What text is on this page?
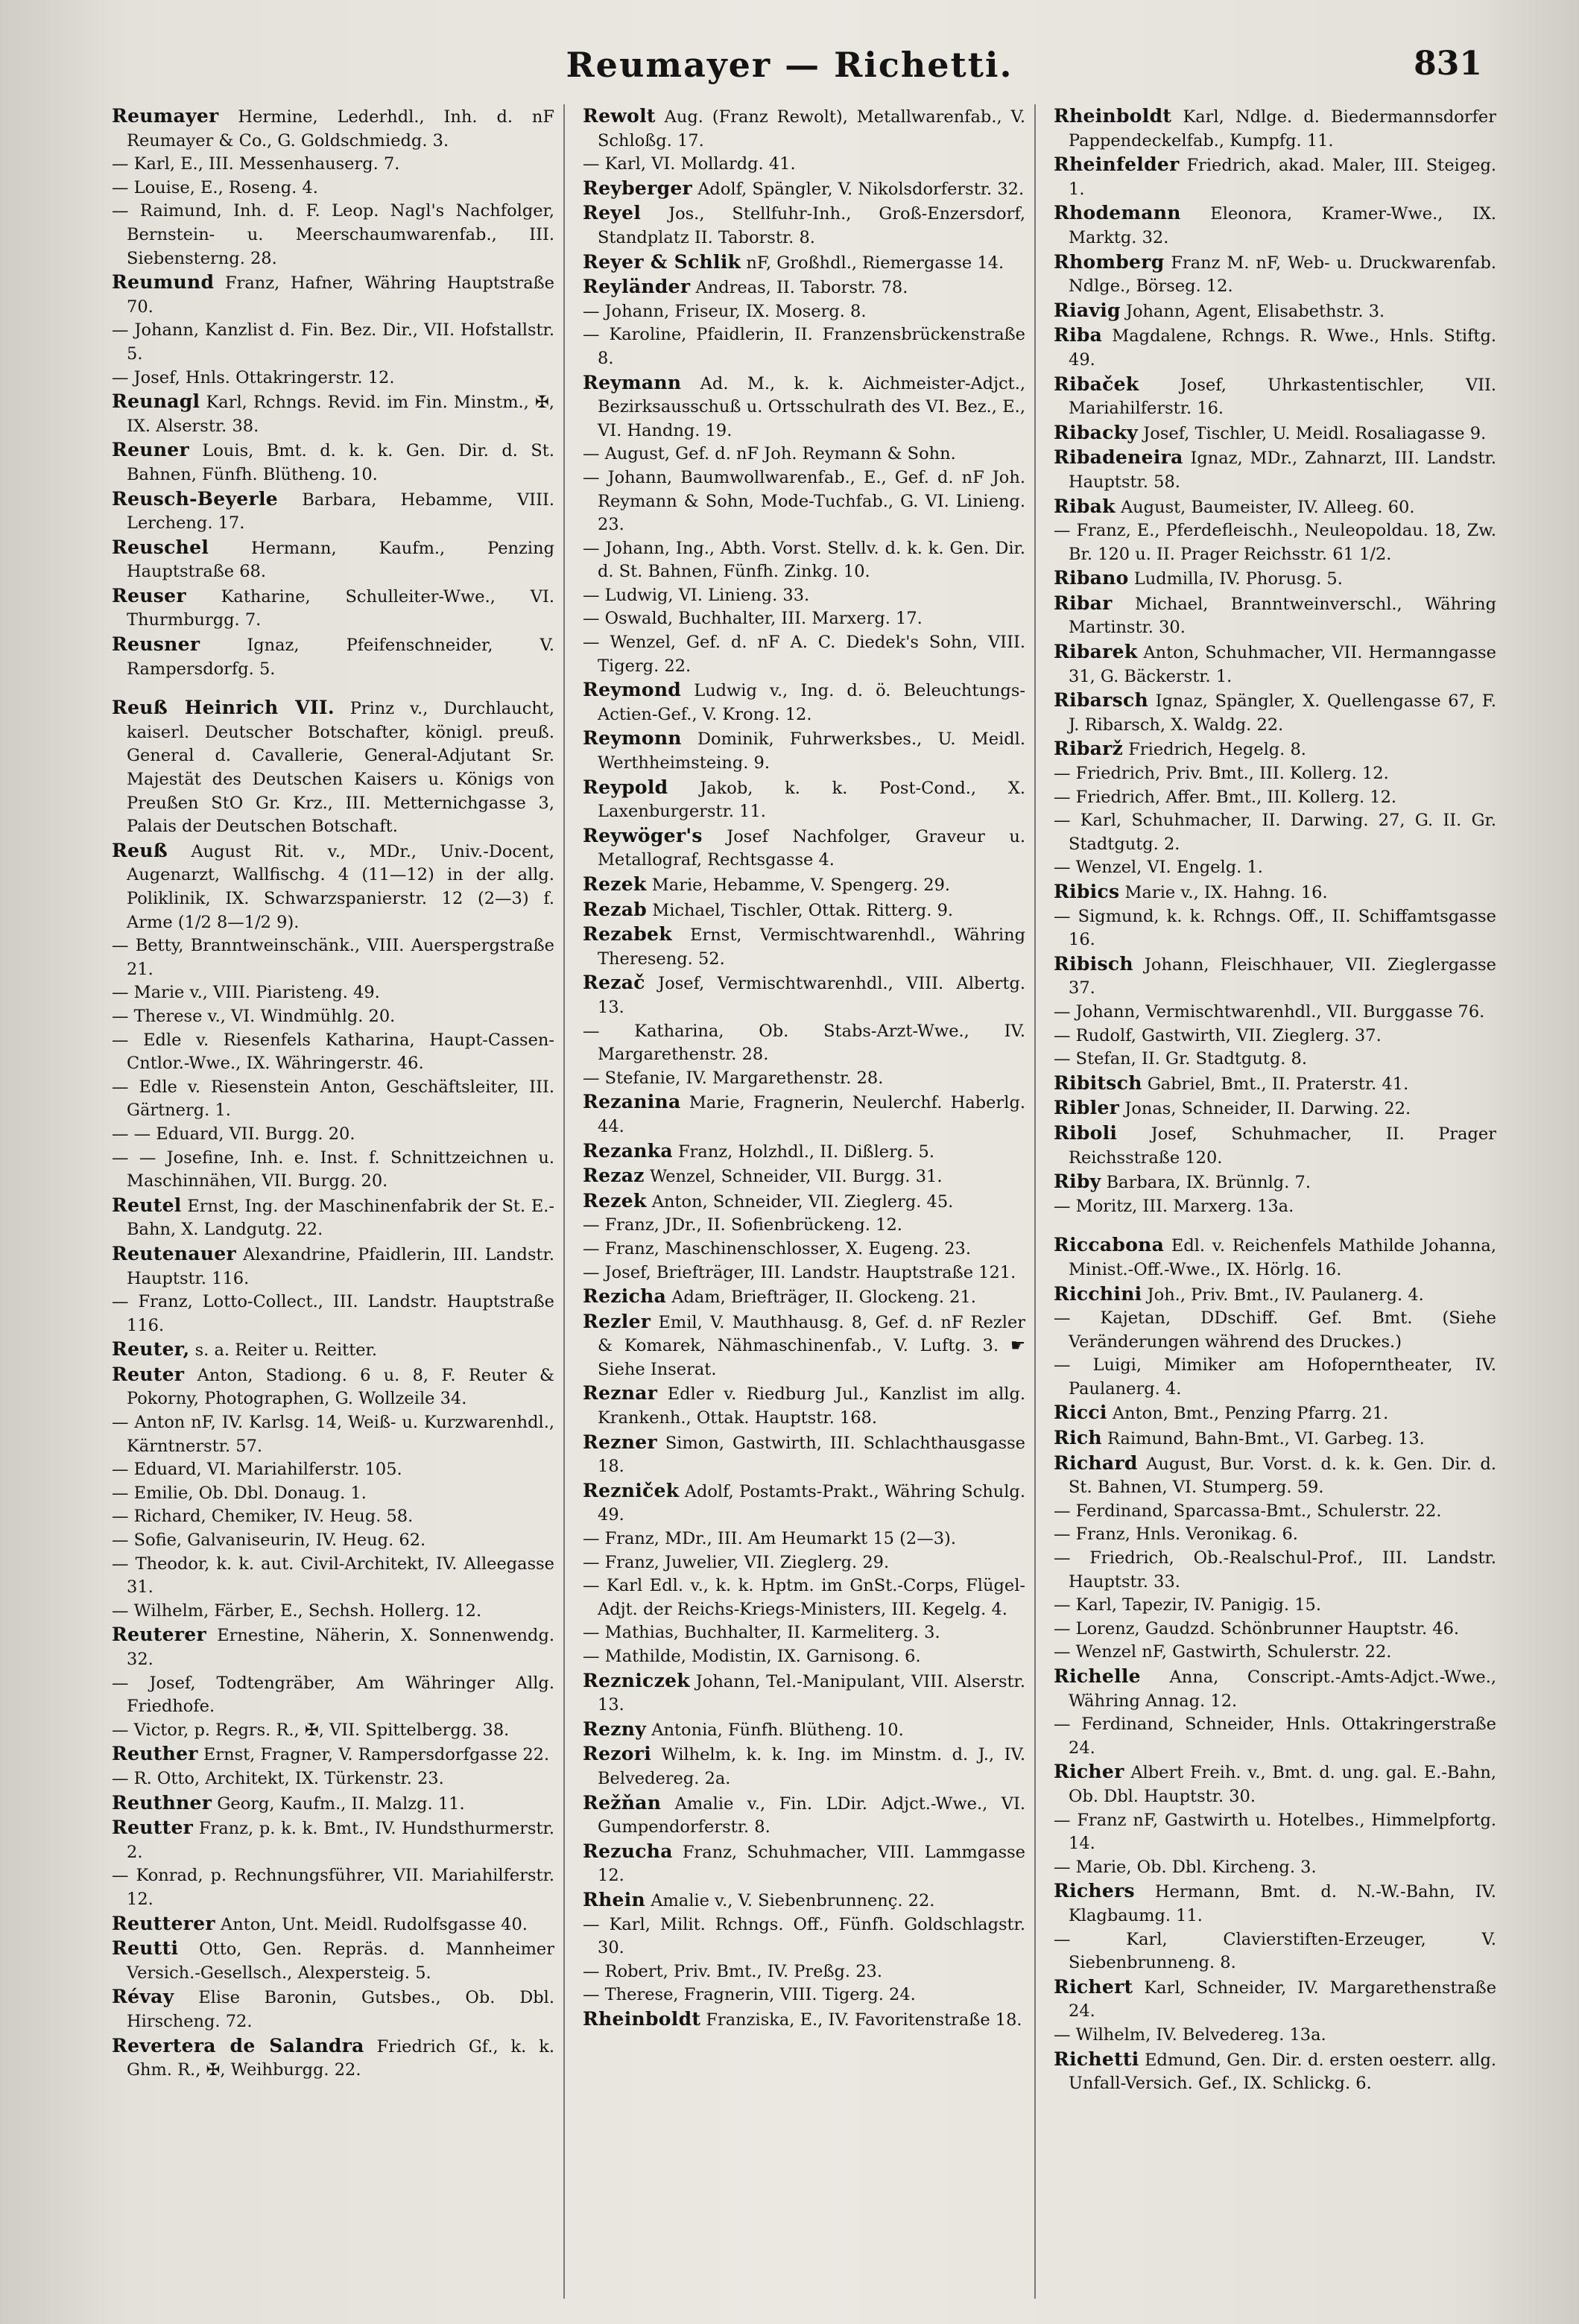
Reumayer — Richetti.	831

Reumayer Hermine, Lederhdl., Inh. d. nF Reumayer & Co., G. Goldschmiedg. 3.

— Karl, E., III. Messenhauserg. 7.

— Louise, E., Roseng. 4.

— Raimund, Inh. d. F. Leop. Nagl's Nachfolger, Bernstein- u. Meerschaumwarenfab., III. Siebensterng. 28.

Reumund Franz, Hafner, Währing Hauptstraße 70.

— Johann, Kanzlist d. Fin. Bez. Dir., VII. Hofstallstr. 5.

— Josef, Hnls. Ottakringerstr. 12.

Reunagl Karl, Rchngs. Revid. im Fin. Minstm., ✠, IX. Alserstr. 38.

Reuner Louis, Bmt. d. k. k. Gen. Dir. d. St. Bahnen, Fünfh. Blütheng. 10.

Reusch-Beyerle Barbara, Hebamme, VIII. Lercheng. 17.

Reuschel	Hermann, Kaufm., Penzing Hauptstraße 68.

Reuser Katharine, Schulleiter-Wwe., VI. Thurmburgg. 7.

Reusner	Ignaz, Pfeifenschneider, V. Rampersdorfg. 5.

Reuß Heinrich VII. Prinz v., Durchlaucht, kaiserl. Deutscher Botschafter, königl. preuß. General d. Cavallerie, General-Adjutant Sr. Majestät des Deutschen Kaisers u. Königs von Preußen StO Gr. Krz., III. Metternichgasse 3, Palais der Deutschen Botschaft.

Reuß August Rit. v., MDr., Univ.-Docent, Augenarzt, Wallfischg. 4 (11—12) in der allg. Poliklinik, IX. Schwarzspanierstr. 12 (2—3) f. Arme (1/2 8—1/2 9).

— Betty, Branntweinschänk., VIII. Auerspergstraße 21.

— Marie v., VIII. Piaristeng. 49.

— Therese v., VI. Windmühlg. 20.

— Edle v. Riesenfels Katharina, Haupt-Cassen-Cntlor.-Wwe., IX. Währingerstr. 46.

— Edle v. Riesenstein Anton, Geschäftsleiter, III. Gärtnerg. 1.

— — Eduard, VII. Burgg. 20.

— — Josefine, Inh. e. Inst. f. Schnittzeichnen u. Maschinnähen, VII. Burgg. 20.

Reutel Ernst, Ing. der Maschinenfabrik der St. E.-Bahn, X. Landgutg. 22.

Reutenauer Alexandrine, Pfaidlerin, III. Landstr. Hauptstr. 116.

— Franz, Lotto-Collect., III. Landstr. Hauptstraße 116.

Reuter, s. a. Reiter u. Reitter.

Reuter Anton, Stadiong. 6 u. 8, F. Reuter & Pokorny, Photographen, G. Wollzeile 34.

— Anton nF, IV. Karlsg. 14, Weiß- u. Kurzwarenhdl., Kärntnerstr. 57.

— Eduard, VI. Mariahilferstr. 105.

— Emilie, Ob. Dbl. Donaug. 1.

— Richard, Chemiker, IV. Heug. 58.

— Sofie, Galvaniseurin, IV. Heug. 62.

— Theodor, k. k. aut. Civil-Architekt, IV. Alleegasse 31.

— Wilhelm, Färber, E., Sechsh. Hollerg. 12.

Reuterer Ernestine, Näherin, X. Sonnenwendg. 32.

— Josef, Todtengräber, Am Währinger Allg. Friedhofe.

— Victor, p. Regrs. R., ✠, VII. Spittelbergg. 38.

Reuther Ernst, Fragner, V. Rampersdorfgasse 22.

— R. Otto, Architekt, IX. Türkenstr. 23.

Reuthner Georg, Kaufm., II. Malzg. 11.

Reutter Franz, p. k. k. Bmt., IV. Hundsthurmerstr. 2.

— Konrad, p. Rechnungsführer, VII. Mariahilferstr. 12.

Reutterer Anton, Unt. Meidl. Rudolfsgasse 40.

Reutti Otto, Gen. Repräs. d. Mannheimer Versich.-Gesellsch., Alexpersteig. 5.

Révay Elise Baronin, Gutsbes., Ob. Dbl. Hirscheng. 72.

Revertera de Salandra Friedrich Gf., k. k. Ghm. R., ✠, Weihburgg. 22.

Rewolt Aug. (Franz Rewolt), Metallwarenfab., V. Schloßg. 17.

— Karl, VI. Mollardg. 41.

Reyberger Adolf, Spängler, V. Nikolsdorferstr. 32.

Reyel Jos., Stellfuhr-Inh., Groß-Enzersdorf, Standplatz II. Taborstr. 8.

Reyer & Schlik nF, Großhdl., Riemergasse 14.

Reyländer Andreas, II. Taborstr. 78.

— Johann, Friseur, IX. Moserg. 8.

— Karoline, Pfaidlerin, II. Franzensbrückenstraße 8.

Reymann Ad. M., k. k. Aichmeister-Adjct., Bezirksausschuß u. Ortsschulrath des VI. Bez., E., VI. Handng. 19.

— August, Gef. d. nF Joh. Reymann & Sohn.

— Johann, Baumwollwarenfab., E., Gef. d. nF Joh. Reymann & Sohn, Mode-Tuchfab., G. VI. Linieng. 23.

— Johann, Ing., Abth. Vorst. Stellv. d. k. k. Gen. Dir. d. St. Bahnen, Fünfh. Zinkg. 10.

— Ludwig, VI. Linieng. 33.

— Oswald, Buchhalter, III. Marxerg. 17.

— Wenzel, Gef. d. nF A. C. Diedek's Sohn, VIII. Tigerg. 22.

Reymond Ludwig v., Ing. d. ö. Beleuchtungs-Actien-Gef., V. Krong. 12.

Reymonn Dominik, Fuhrwerksbes., U. Meidl. Werthheimsteing. 9.

Reypold Jakob, k. k. Post-Cond., X. Laxenburgerstr. 11.

Reywöger's Josef Nachfolger, Graveur u. Metallograf, Rechtsgasse 4.

Rezek Marie, Hebamme, V. Spengerg. 29.

Rezab Michael, Tischler, Ottak. Ritterg. 9.

Rezabek Ernst, Vermischtwarenhdl., Währing Thereseng. 52.

Rezač Josef, Vermischtwarenhdl., VIII. Albertg. 13.

— Katharina, Ob. Stabs-Arzt-Wwe., IV. Margarethenstr. 28.

— Stefanie, IV. Margarethenstr. 28.

Rezanina Marie, Fragnerin, Neulerchf. Haberlg. 44.

Rezanka Franz, Holzhdl., II. Dißlerg. 5.

Rezaz Wenzel, Schneider, VII. Burgg. 31.

Rezek Anton, Schneider, VII. Zieglerg. 45.

— Franz, JDr., II. Sofienbrückeng. 12.

— Franz, Maschinenschlosser, X. Eugeng. 23.

— Josef, Briefträger, III. Landstr. Hauptstraße 121.

Rezicha Adam, Briefträger, II. Glockeng. 21.

Rezler Emil, V. Mauthhausg. 8, Gef. d. nF Rezler & Komarek, Nähmaschinenfab., V. Luftg. 3. ☛ Siehe Inserat.

Reznar Edler v. Riedburg Jul., Kanzlist im allg. Krankenh., Ottak. Hauptstr. 168.

Rezner Simon, Gastwirth, III. Schlachthausgasse 18.

Rezniček Adolf, Postamts-Prakt., Währing Schulg. 49.

— Franz, MDr., III. Am Heumarkt 15 (2—3).

— Franz, Juwelier, VII. Zieglerg. 29.

— Karl Edl. v., k. k. Hptm. im GnSt.-Corps, Flügel-Adjt. der Reichs-Kriegs-Ministers, III. Kegelg. 4.

— Mathias, Buchhalter, II. Karmeliterg. 3.

— Mathilde, Modistin, IX. Garnisong. 6.

Rezniczek Johann, Tel.-Manipulant, VIII. Alserstr. 13.

Rezny Antonia, Fünfh. Blütheng. 10.

Rezori Wilhelm, k. k. Ing. im Minstm. d. J., IV. Belvedereg. 2a.

Režňan Amalie v., Fin. LDir. Adjct.-Wwe., VI. Gumpendorferstr. 8.

Rezucha Franz, Schuhmacher, VIII. Lammgasse 12.

Rhein Amalie v., V. Siebenbrunnenç. 22.

— Karl, Milit. Rchngs. Off., Fünfh. Goldschlagstr. 30.

— Robert, Priv. Bmt., IV. Preßg. 23.

— Therese, Fragnerin, VIII. Tigerg. 24.

Rheinboldt Franziska, E., IV. Favoritenstraße 18.

Rheinboldt Karl, Ndlge. d. Biedermannsdorfer Pappendeckelfab., Kumpfg. 11.

Rheinfelder Friedrich, akad. Maler, III. Steigeg. 1.

Rhodemann Eleonora, Kramer-Wwe., IX. Marktg. 32.

Rhomberg Franz M. nF, Web- u. Druckwarenfab. Ndlge., Börseg. 12.

Riavig Johann, Agent, Elisabethstr. 3.

Riba Magdalene, Rchngs. R. Wwe., Hnls. Stiftg. 49.

Ribaček Josef, Uhrkastentischler, VII. Mariahilferstr. 16.

Ribacky Josef, Tischler, U. Meidl. Rosaliagasse 9.

Ribadeneira Ignaz, MDr., Zahnarzt, III. Landstr. Hauptstr. 58.

Ribak August, Baumeister, IV. Alleeg. 60.

— Franz, E., Pferdefleischh., Neuleopoldau. 18, Zw. Br. 120 u. II. Prager Reichsstr. 61 1/2.

Ribano Ludmilla, IV. Phorusg. 5.

Ribar Michael, Branntweinverschl., Währing Martinstr. 30.

Ribarek Anton, Schuhmacher, VII. Hermanngasse 31, G. Bäckerstr. 1.

Ribarsch Ignaz, Spängler, X. Quellengasse 67, F. J. Ribarsch, X. Waldg. 22.

Ribarž Friedrich, Hegelg. 8.

— Friedrich, Priv. Bmt., III. Kollerg. 12.

— Friedrich, Affer. Bmt., III. Kollerg. 12.

— Karl, Schuhmacher, II. Darwing. 27, G. II. Gr. Stadtgutg. 2.

— Wenzel, VI. Engelg. 1.

Ribics Marie v., IX. Hahng. 16.

— Sigmund, k. k. Rchngs. Off., II. Schiffamtsgasse 16.

Ribisch Johann, Fleischhauer, VII. Zieglergasse 37.

— Johann, Vermischtwarenhdl., VII. Burggasse 76.

— Rudolf, Gastwirth, VII. Zieglerg. 37.

— Stefan, II. Gr. Stadtgutg. 8.

Ribitsch Gabriel, Bmt., II. Praterstr. 41.

Ribler Jonas, Schneider, II. Darwing. 22.

Riboli Josef, Schuhmacher, II. Prager Reichsstraße 120.

Riby Barbara, IX. Brünnlg. 7.

— Moritz, III. Marxerg. 13a.

Riccabona Edl. v. Reichenfels Mathilde Johanna, Minist.-Off.-Wwe., IX. Hörlg. 16.

Ricchini Joh., Priv. Bmt., IV. Paulanerg. 4.

— Kajetan, DDschiff. Gef. Bmt. (Siehe Veränderungen während des Druckes.)

— Luigi, Mimiker am Hofoperntheater, IV. Paulanerg. 4.

Ricci Anton, Bmt., Penzing Pfarrg. 21.

Rich Raimund, Bahn-Bmt., VI. Garbeg. 13.

Richard August, Bur. Vorst. d. k. k. Gen. Dir. d. St. Bahnen, VI. Stumperg. 59.

— Ferdinand, Sparcassa-Bmt., Schulerstr. 22.

— Franz, Hnls. Veronikag. 6.

— Friedrich, Ob.-Realschul-Prof., III. Landstr. Hauptstr. 33.

— Karl, Tapezir, IV. Panigig. 15.

— Lorenz, Gaudzd. Schönbrunner Hauptstr. 46.

— Wenzel nF, Gastwirth, Schulerstr. 22.

Richelle Anna, Conscript.-Amts-Adjct.-Wwe., Währing Annag. 12.

— Ferdinand, Schneider, Hnls. Ottakringerstraße 24.

Richer Albert Freih. v., Bmt. d. ung. gal. E.-Bahn, Ob. Dbl. Hauptstr. 30.

— Franz nF, Gastwirth u. Hotelbes., Himmelpfortg. 14.

— Marie, Ob. Dbl. Kircheng. 3.

Richers Hermann, Bmt. d. N.-W.-Bahn, IV. Klagbaumg. 11.

— Karl, Clavierstiften-Erzeuger, V. Siebenbrunneng. 8.

Richert Karl, Schneider, IV. Margarethenstraße 24.

— Wilhelm, IV. Belvedereg. 13a.

Richetti Edmund, Gen. Dir. d. ersten oesterr. allg. Unfall-Versich. Gef., IX. Schlickg. 6.
